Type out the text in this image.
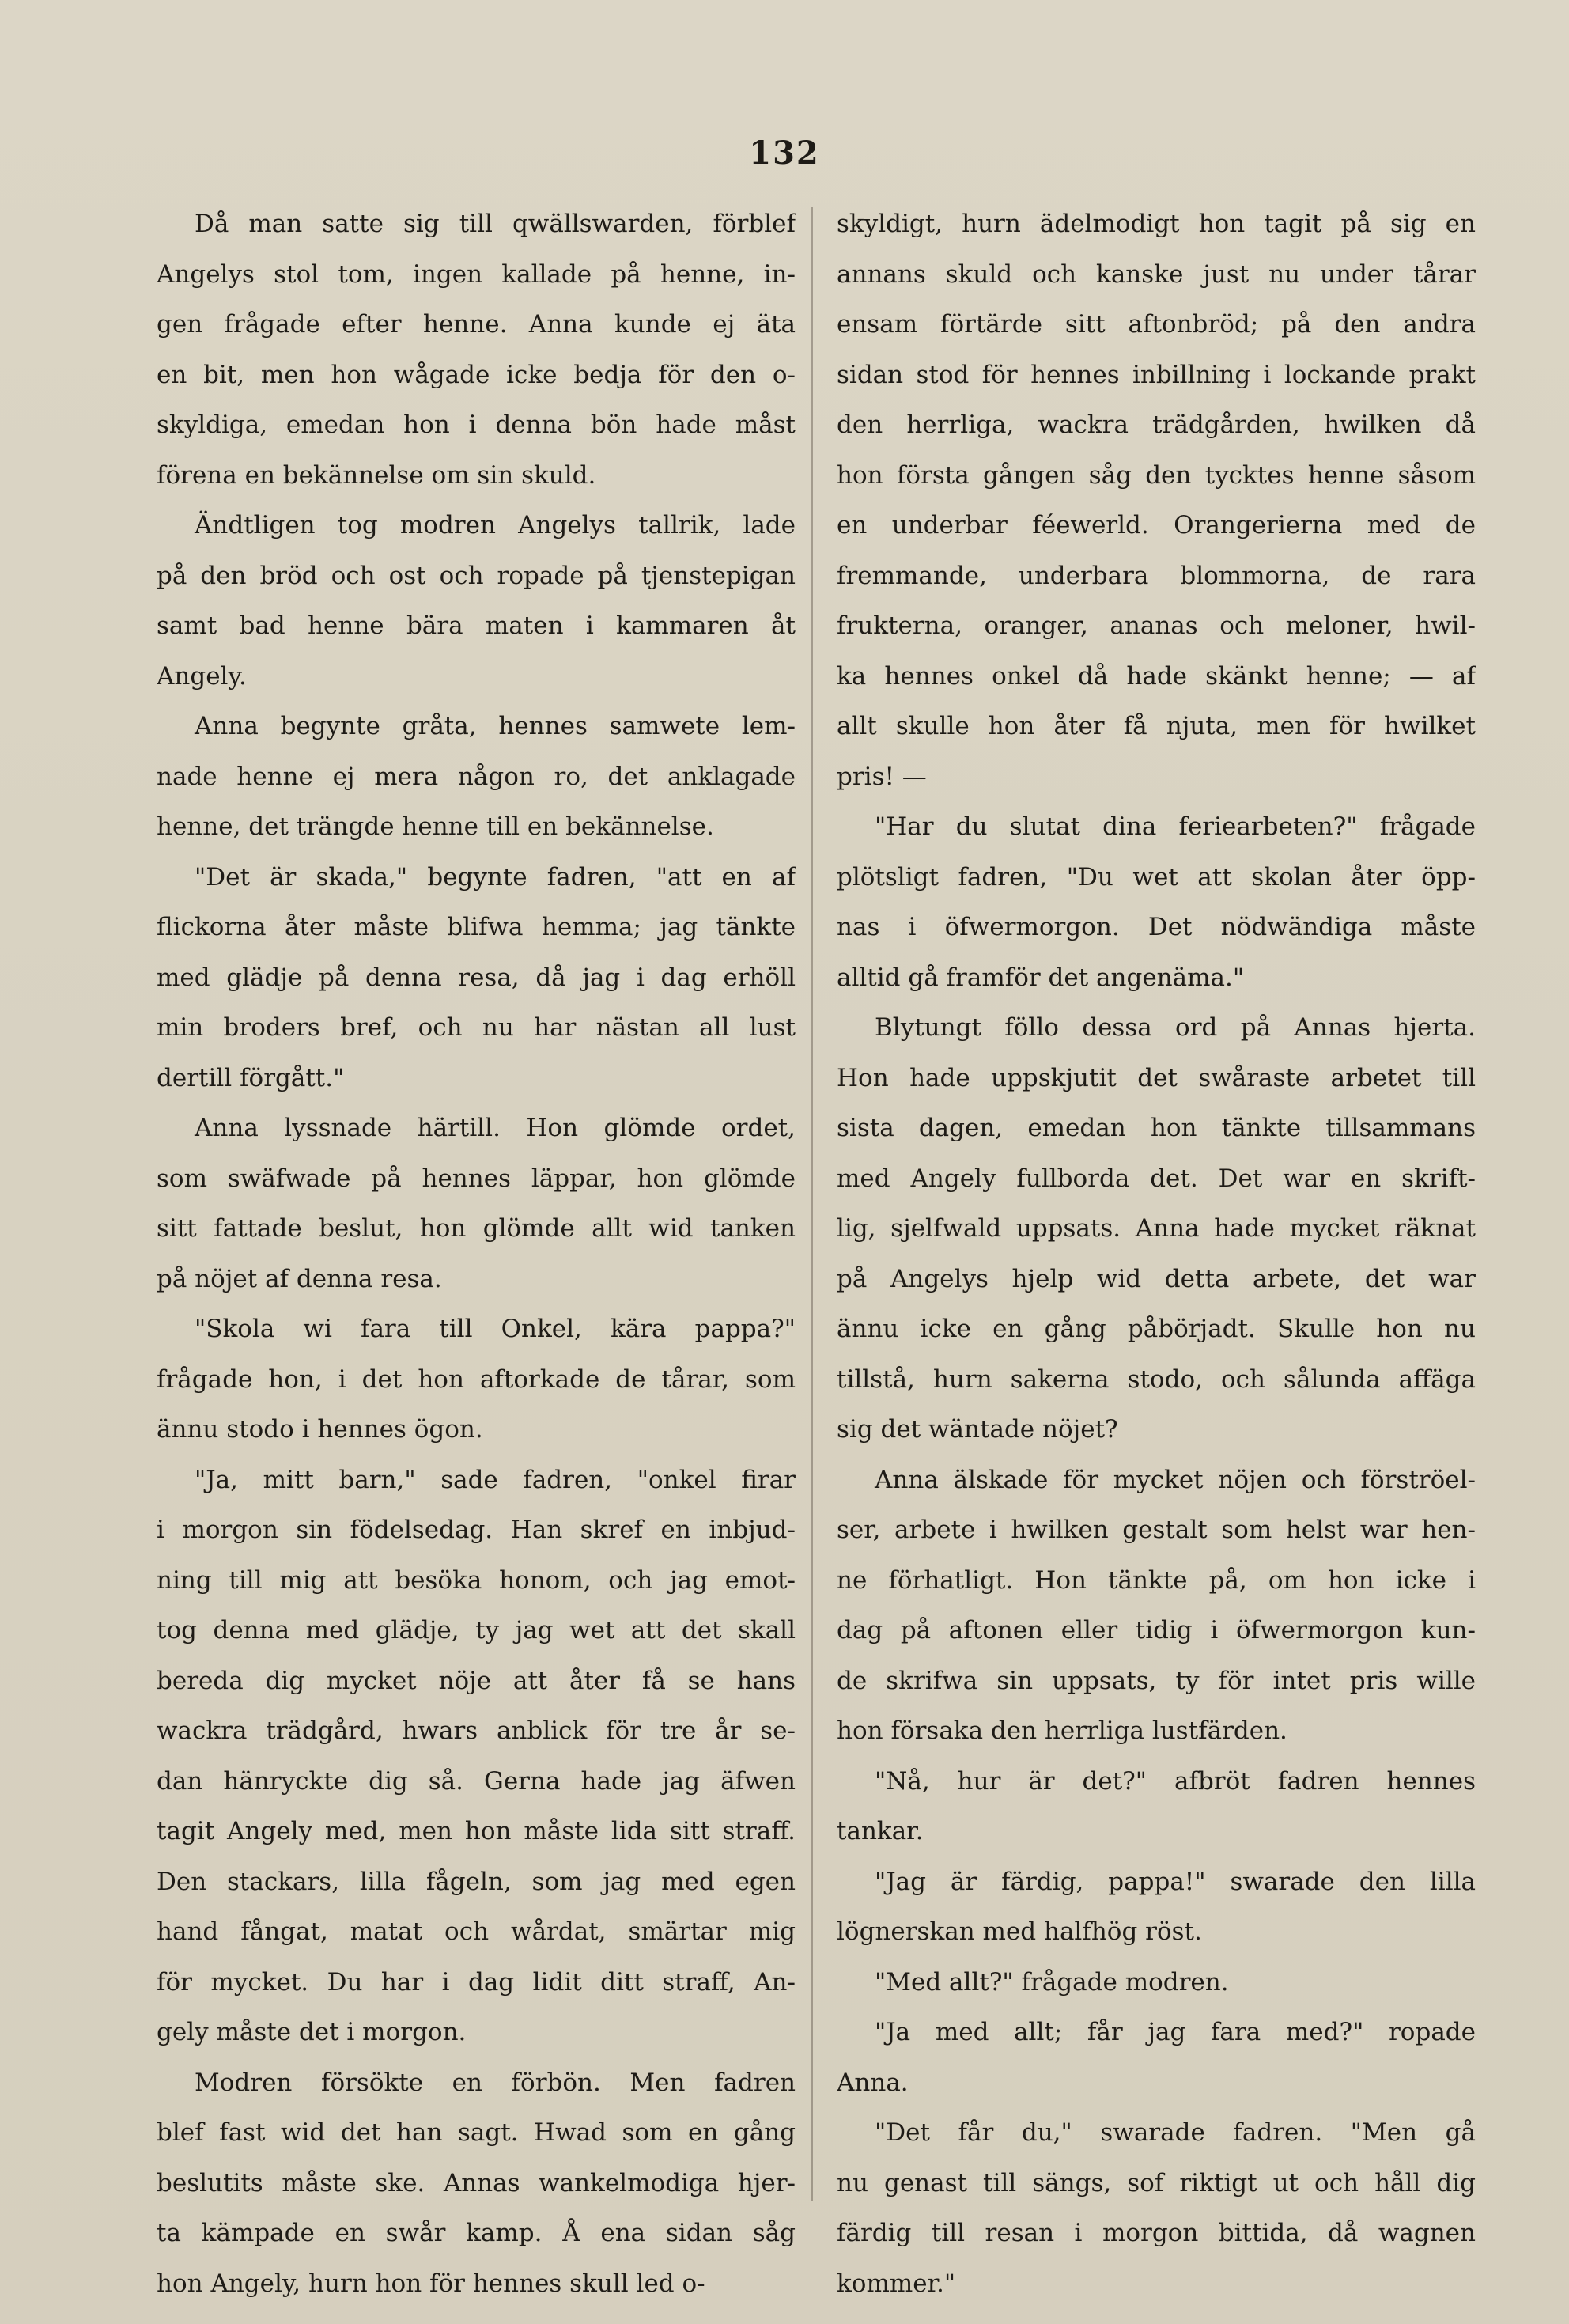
132
Då man satte sig till qwällswarden, förblef
Angelys stol tom, ingen kallade på henne, in-
gen frågade efter henne. Anna kunde ej äta
en bit, men hon wågade icke bedja för den o-
skyldiga, emedan hon i denna bön hade måst
förena en bekännelse om sin skuld.
Ändtligen tog modren Angelys tallrik, lade
på den bröd och ost och ropade på tjenstepigan
samt bad henne bära maten i kammaren åt
Angely.
Anna begynte gråta, hennes samwete lem-
nade henne ej mera någon ro, det anklagade
henne, det trängde henne till en bekännelse.
"Det är skada," begynte fadren, "att en af
flickorna åter måste blifwa hemma; jag tänkte
med glädje på denna resa, då jag i dag erhöll
min broders bref, och nu har nästan all lust
dertill förgått."
Anna lyssnade härtill. Hon glömde ordet,
som swäfwade på hennes läppar, hon glömde
sitt fattade beslut, hon glömde allt wid tanken
på nöjet af denna resa.
"Skola wi fara till Onkel, kära pappa?"
frågade hon, i det hon aftorkade de tårar, som
ännu stodo i hennes ögon.
"Ja, mitt barn," sade fadren, "onkel firar
i morgon sin födelsedag. Han skref en inbjud-
ning till mig att besöka honom, och jag emot-
tog denna med glädje, ty jag wet att det skall
bereda dig mycket nöje att åter få se hans
wackra trädgård, hwars anblick för tre år se-
dan hänryckte dig så. Gerna hade jag äfwen
tagit Angely med, men hon måste lida sitt straff.
Den stackars, lilla fågeln, som jag med egen
hand fångat, matat och wårdat, smärtar mig
för mycket. Du har i dag lidit ditt straff, An-
gely måste det i morgon.
Modren försökte en förbön. Men fadren
blef fast wid det han sagt. Hwad som en gång
beslutits måste ske. Annas wankelmodiga hjer-
ta kämpade en swår kamp. Å ena sidan såg
hon Angely, hurn hon för hennes skull led o-
skyldigt, hurn ädelmodigt hon tagit på sig en
annans skuld och kanske just nu under tårar
ensam förtärde sitt aftonbröd; på den andra
sidan stod för hennes inbillning i lockande prakt
den herrliga, wackra trädgården, hwilken då
hon första gången såg den tycktes henne såsom
en underbar féewerld. Orangerierna med de
fremmande, underbara blommorna, de rara
frukterna, oranger, ananas och meloner, hwil-
ka hennes onkel då hade skänkt henne; — af
allt skulle hon åter få njuta, men för hwilket
pris! —
"Har du slutat dina feriearbeten?" frågade
plötsligt fadren, "Du wet att skolan åter öpp-
nas i öfwermorgon. Det nödwändiga måste
alltid gå framför det angenäma."
Blytungt föllo dessa ord på Annas hjerta.
Hon hade uppskjutit det swåraste arbetet till
sista dagen, emedan hon tänkte tillsammans
med Angely fullborda det. Det war en skrift-
lig, sjelfwald uppsats. Anna hade mycket räknat
på Angelys hjelp wid detta arbete, det war
ännu icke en gång påbörjadt. Skulle hon nu
tillstå, hurn sakerna stodo, och sålunda affäga
sig det wäntade nöjet?
Anna älskade för mycket nöjen och förströel-
ser, arbete i hwilken gestalt som helst war hen-
ne förhatligt. Hon tänkte på, om hon icke i
dag på aftonen eller tidig i öfwermorgon kun-
de skrifwa sin uppsats, ty för intet pris wille
hon försaka den herrliga lustfärden.
"Nå, hur är det?" afbröt fadren hennes
tankar.
"Jag är färdig, pappa!" swarade den lilla
lögnerskan med halfhög röst.
"Med allt?" frågade modren.
"Ja med allt; får jag fara med?" ropade
Anna.
"Det får du," swarade fadren. "Men gå
nu genast till sängs, sof riktigt ut och håll dig
färdig till resan i morgon bittida, då wagnen
kommer."
